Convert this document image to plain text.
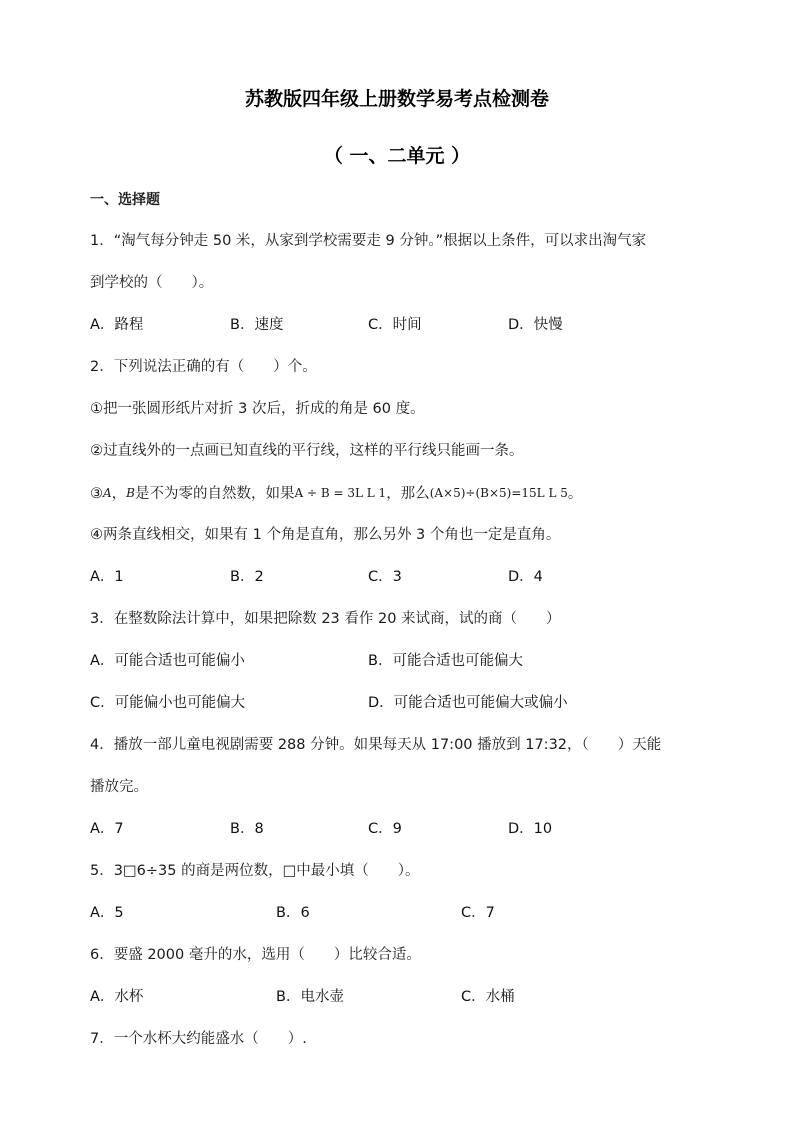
苏教版四年级上册数学易考点检测卷
（ 一、二单元 ）
一、选择题
1．“淘气每分钟走 50 米，从家到学校需要走 9 分钟。”根据以上条件，可以求出淘气家
到学校的（　　）。
A．路程	B．速度	C．时间	D．快慢
2．下列说法正确的有（　　）个。
①把一张圆形纸片对折 3 次后，折成的角是 60 度。
②过直线外的一点画已知直线的平行线，这样的平行线只能画一条。
③A，B是不为零的自然数，如果A ÷ B = 3L L 1，那么(A×5)÷(B×5)=15L L 5。
④两条直线相交，如果有 1 个角是直角，那么另外 3 个角也一定是直角。
A．1	B．2	C．3	D．4
3．在整数除法计算中，如果把除数 23 看作 20 来试商，试的商（　　）
A．可能合适也可能偏小	B．可能合适也可能偏大
C．可能偏小也可能偏大	D．可能合适也可能偏大或偏小
4．播放一部儿童电视剧需要 288 分钟。如果每天从 17:00 播放到 17:32，（　　）天能
播放完。
A．7	B．8	C．9	D．10
5．3□6÷35 的商是两位数，□中最小填（　　）。
A．5	B．6	C．7
6．要盛 2000 毫升的水，选用（　　）比较合适。
A．水杯	B．电水壶	C．水桶
7．一个水杯大约能盛水（　　）.
